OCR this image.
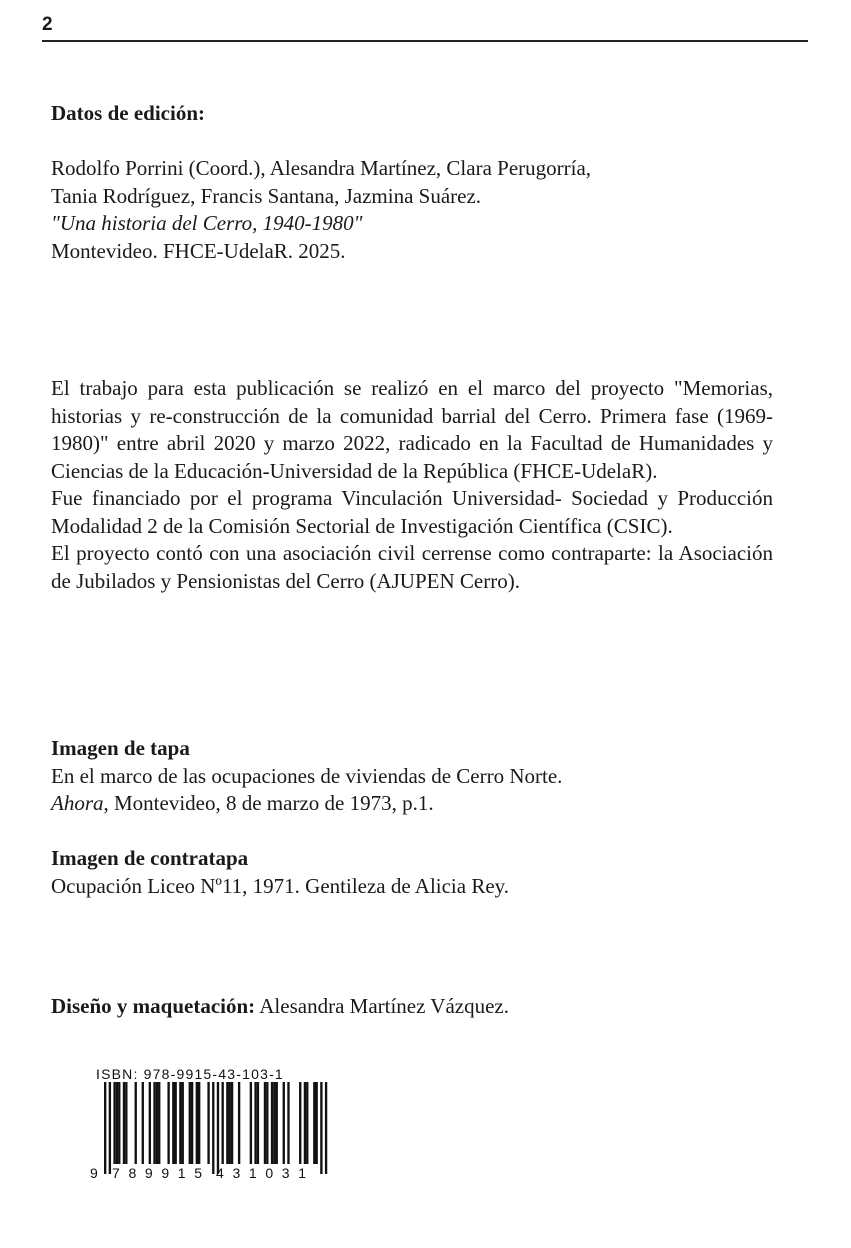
2
Datos de edición:
Rodolfo Porrini (Coord.), Alesandra Martínez, Clara Perugorría,
Tania Rodríguez, Francis Santana, Jazmina Suárez.
"Una historia del Cerro, 1940-1980"
Montevideo. FHCE-UdelaR. 2025.
El trabajo para esta publicación se realizó en el marco del proyecto "Memorias, historias y re-construcción de la comunidad barrial del Cerro. Primera fase (1969-1980)" entre abril 2020 y marzo 2022, radicado en la Facultad de Humanidades y Ciencias de la Educación-Universidad de la República (FHCE-UdelaR).
Fue financiado por el programa Vinculación Universidad- Sociedad y Producción Modalidad 2 de la Comisión Sectorial de Investigación Científica (CSIC).
El proyecto contó con una asociación civil cerrense como contraparte: la Asociación de Jubilados y Pensionistas del Cerro (AJUPEN Cerro).
Imagen de tapa
En el marco de las ocupaciones de viviendas de Cerro Norte.
Ahora, Montevideo, 8 de marzo de 1973, p.1.
Imagen de contratapa
Ocupación Liceo Nº11, 1971. Gentileza de Alicia Rey.
Diseño y maquetación: Alesandra Martínez Vázquez.
ISBN: 978-9915-43-103-1
9 789915 431031
